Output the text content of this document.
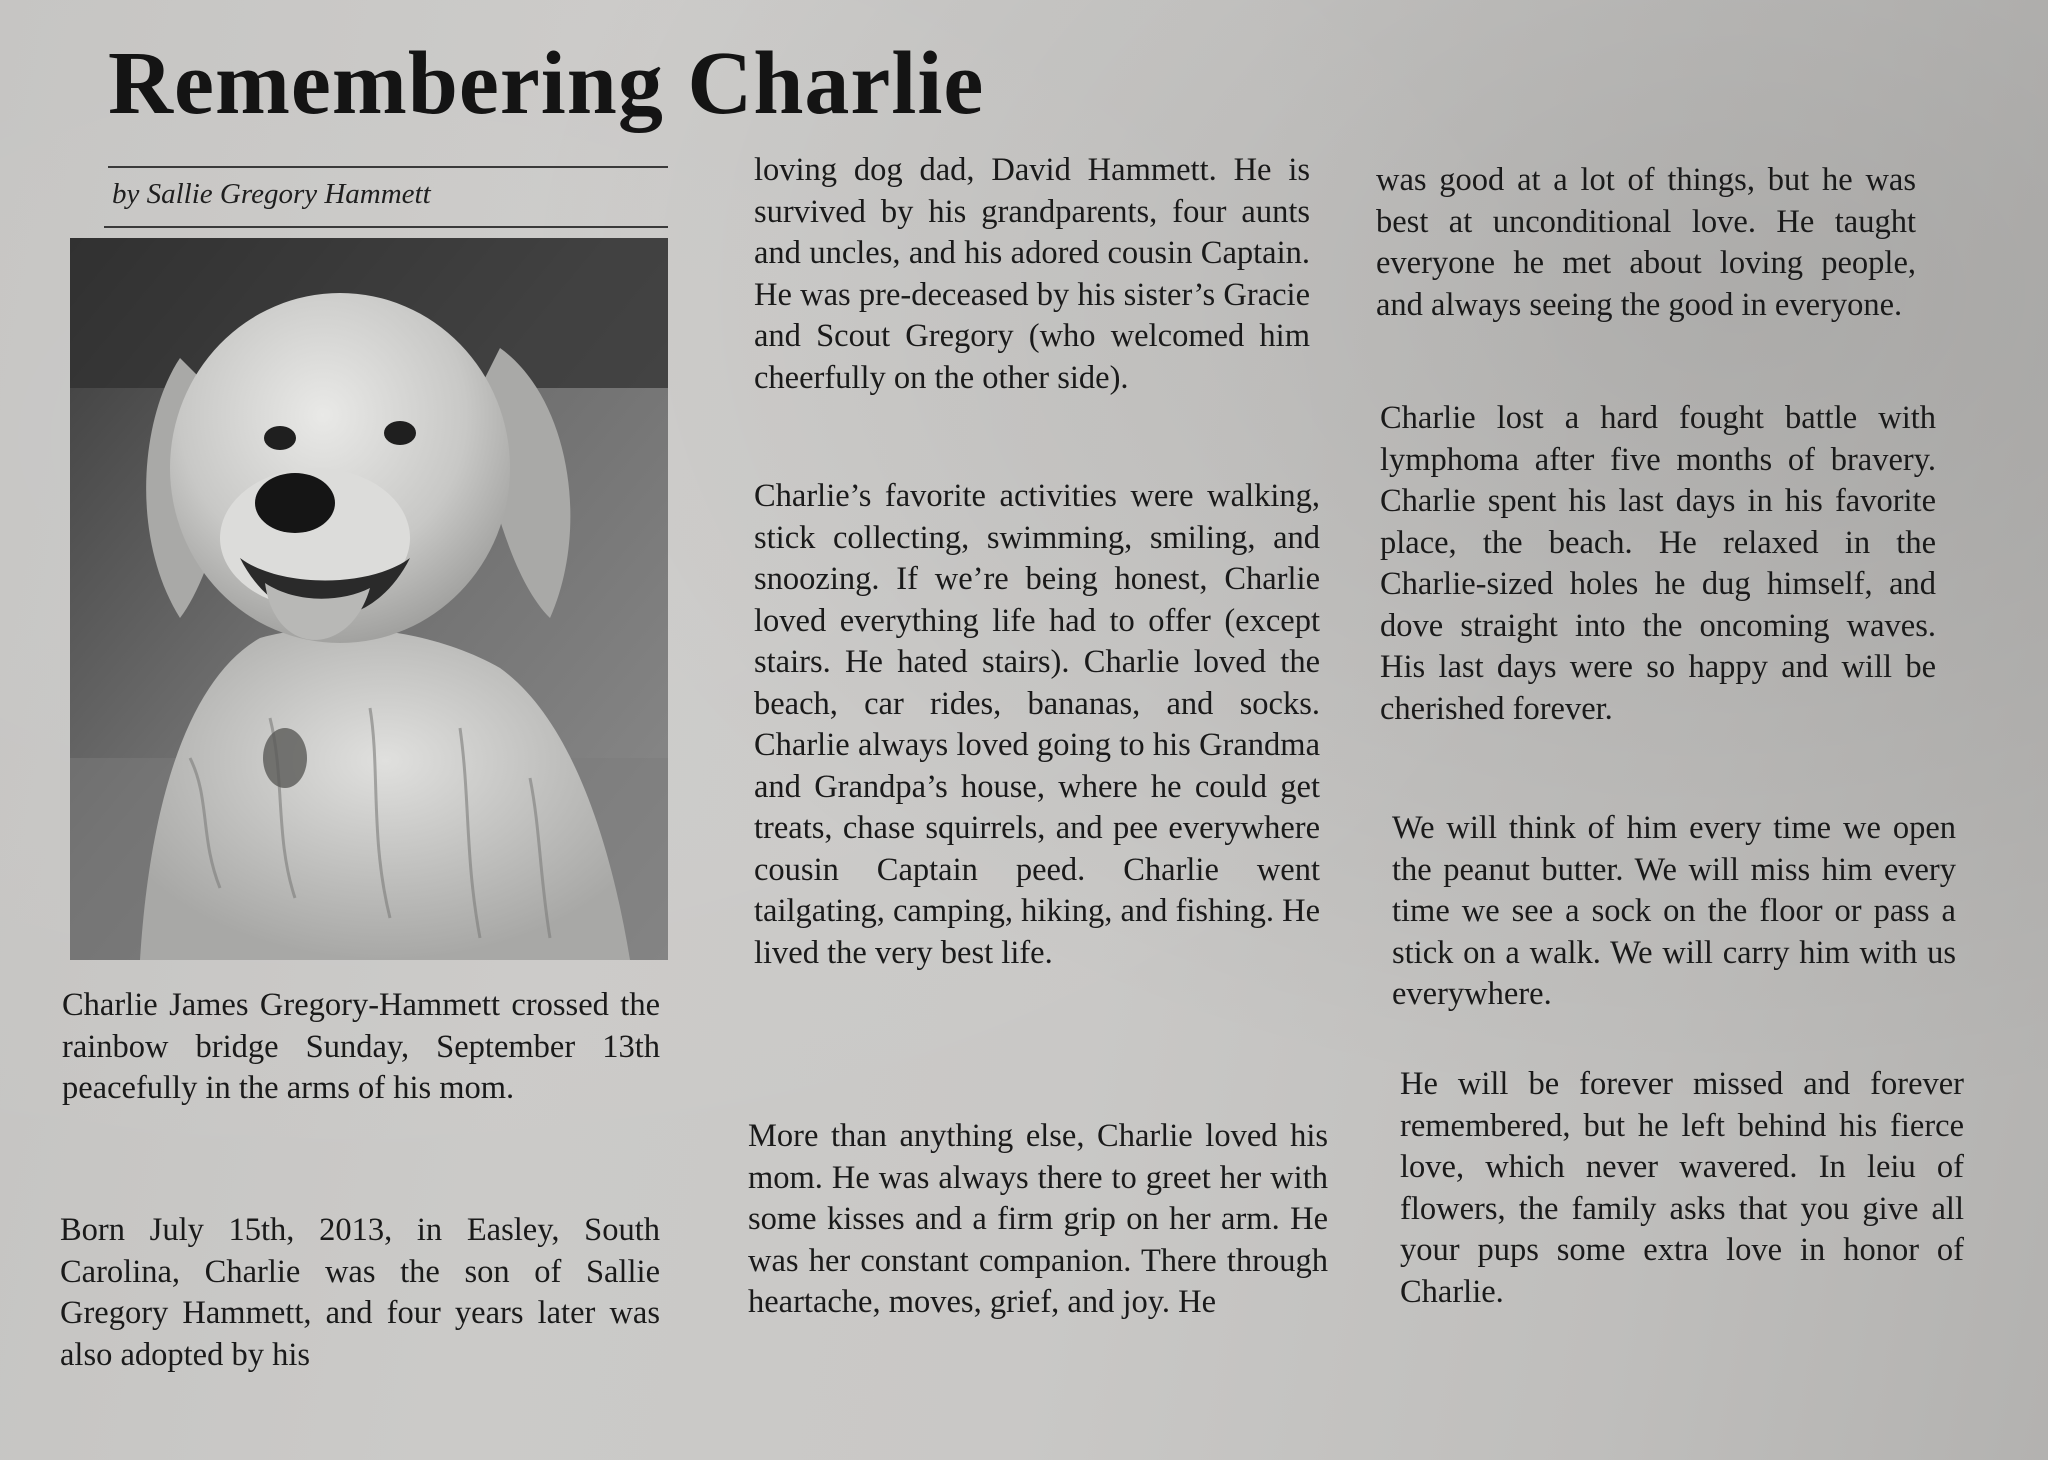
Remembering Charlie
by Sallie Gregory Hammett

Charlie James Gregory-Hammett crossed the rainbow bridge Sunday, September 13th peacefully in the arms of his mom.

Born July 15th, 2013, in Easley, South Carolina, Charlie was the son of Sallie Gregory Hammett, and four years later was also adopted by his

loving dog dad, David Hammett. He is survived by his grandparents, four aunts and uncles, and his adored cousin Captain. He was pre-deceased by his sister’s Gracie and Scout Gregory (who welcomed him cheerfully on the other side).

Charlie’s favorite activities were walking, stick collecting, swimming, smiling, and snoozing. If we’re being honest, Charlie loved everything life had to offer (except stairs. He hated stairs). Charlie loved the beach, car rides, bananas, and socks. Charlie always loved going to his Grandma and Grandpa’s house, where he could get treats, chase squirrels, and pee everywhere cousin Captain peed. Charlie went tailgating, camping, hiking, and fishing. He lived the very best life.

More than anything else, Charlie loved his mom. He was always there to greet her with some kisses and a firm grip on her arm. He was her constant companion. There through heartache, moves, grief, and joy. He

was good at a lot of things, but he was best at unconditional love. He taught everyone he met about loving people, and always seeing the good in everyone.

Charlie lost a hard fought battle with lymphoma after five months of bravery. Charlie spent his last days in his favorite place, the beach. He relaxed in the Charlie-sized holes he dug himself, and dove straight into the oncoming waves. His last days were so happy and will be cherished forever.

We will think of him every time we open the peanut butter. We will miss him every time we see a sock on the floor or pass a stick on a walk. We will carry him with us everywhere.

He will be forever missed and forever remembered, but he left behind his fierce love, which never wavered. In leiu of flowers, the family asks that you give all your pups some extra love in honor of Charlie.
